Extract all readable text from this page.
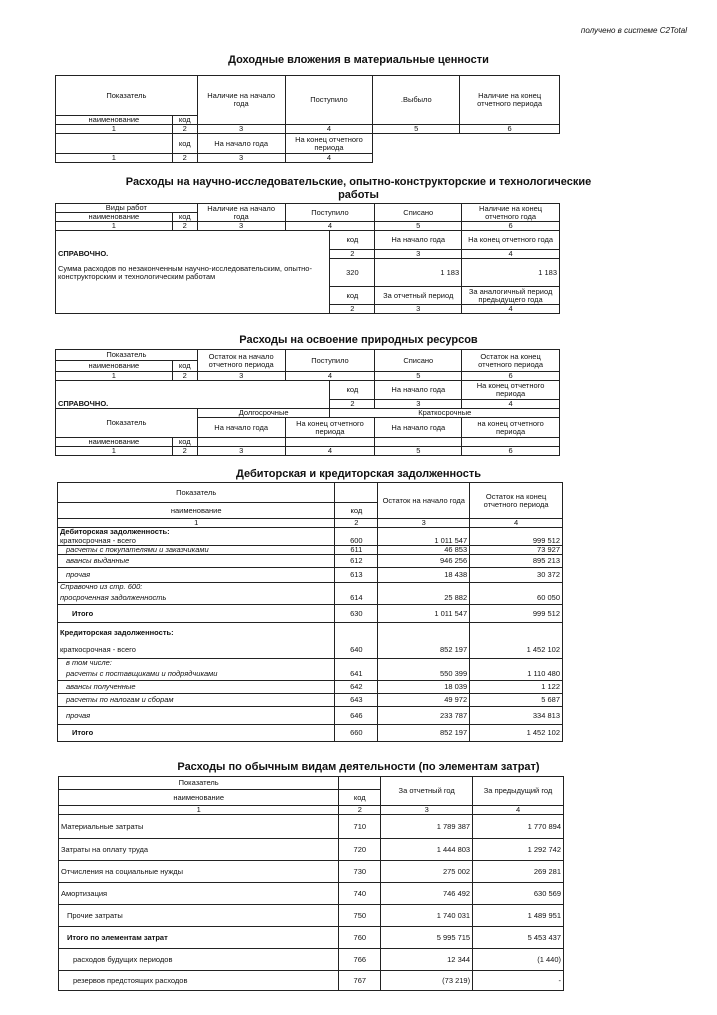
получено в системе C2Total
Доходные вложения в материальные ценности
Показатель		Наличие на начало года	Поступило	.Выбыло	Наличие на конец отчетного периода
наименование	код				
1	2	3	4	5	6
	код	На начало года	На конец отчетного периода		
1	2	3	4		
Расходы на научно-исследовательские, опытно-конструкторские и технологические
работы
Виды работ		Наличие на начало года	Поступило		Списано	Наличие на конец отчетного года
наименование	код					
1	2	3	4		5	6
				код	На начало года	На конец отчетного года
СПРАВОЧНО.				2	3	4
Сумма расходов по незаконченным научно-исследовательским, опытно-конструкторским и технологическим работам				320	1 183	1 183
				код	За отчетный период	За аналогичный период предыдущего года
				2	3	4
Расходы на освоение природных ресурсов
Показатель		Остаток на начало отчетного периода	Поступило		Списано	Остаток на конец отчетного периода
наименование	код					
1	2	3	4		5	6
				код	На начало года	На конец отчетного периода
СПРАВОЧНО.				2	3	4
Показатель		Долгосрочные		Краткосрочные		
		На начало года	На конец отчетного периода		На начало года	на конец отчетного периода
наименование	код					
1	2	3	4		5	6
Дебиторская и кредиторская задолженность
Показатель		Остаток на начало года	Остаток на конец отчетного периода
наименование	код		
1	2	3	4
Дебиторская задолженность:			
краткосрочная - всего	600	1 011 547	999 512
расчеты с покупателями и заказчиками	611	46 853	73 927
авансы выданные	612	946 256	895 213
прочая	613	18 438	30 372
Справочно из стр. 600:			
просроченная задолженность	614	25 882	60 050
Итого	630	1 011 547	999 512
Кредиторская задолженность:			
краткосрочная - всего	640	852 197	1 452 102
в том числе:			
расчеты с поставщиками и подрядчиками	641	550 399	1 110 480
авансы полученные	642	18 039	1 122
расчеты по налогам и сборам	643	49 972	5 687
прочая	646	233 787	334 813
Итого	660	852 197	1 452 102
Расходы по обычным видам деятельности (по элементам затрат)
Показатель		За отчетный год	За предыдущий год
наименование	код		
1	2	3	4
Материальные затраты	710	1 789 387	1 770 894
Затраты на оплату труда	720	1 444 803	1 292 742
Отчисления на социальные нужды	730	275 002	269 281
Амортизация	740	746 492	630 569
Прочие затраты	750	1 740 031	1 489 951
Итого по элементам затрат	760	5 995 715	5 453 437
расходов будущих периодов	766	12 344	(1 440)
резервов предстоящих расходов	767	(73 219)	-
